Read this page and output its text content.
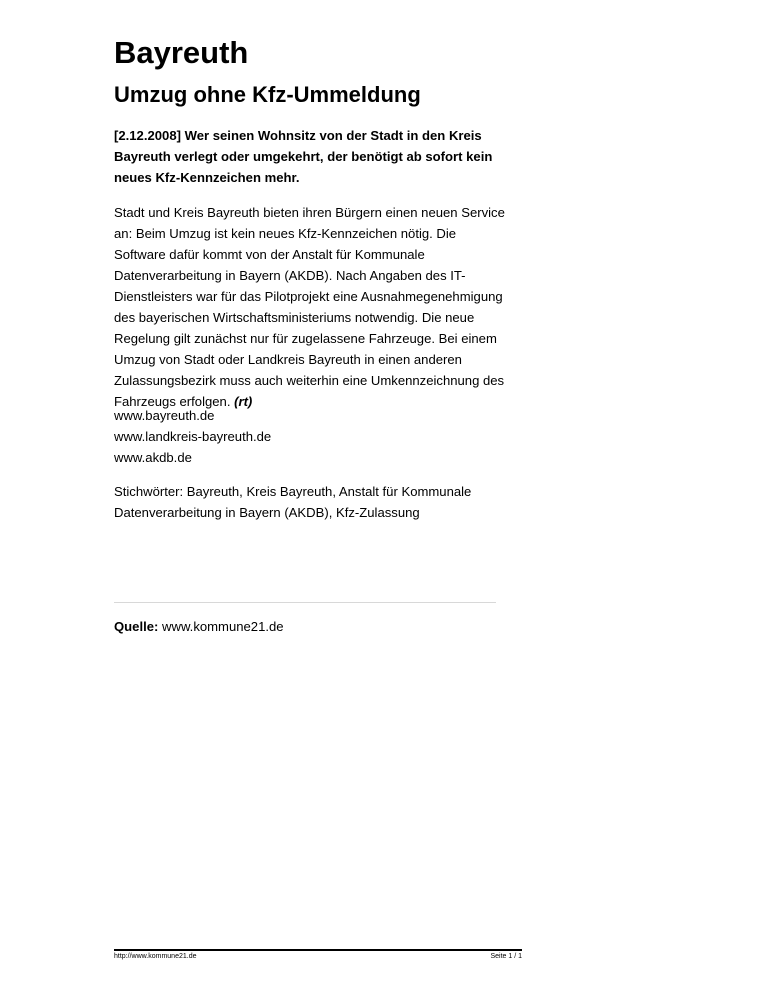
Bayreuth
Umzug ohne Kfz-Ummeldung

[2.12.2008] Wer seinen Wohnsitz von der Stadt in den Kreis Bayreuth verlegt oder umgekehrt, der benötigt ab sofort kein neues Kfz-Kennzeichen mehr.

Stadt und Kreis Bayreuth bieten ihren Bürgern einen neuen Service an: Beim Umzug ist kein neues Kfz-Kennzeichen nötig. Die Software dafür kommt von der Anstalt für Kommunale Datenverarbeitung in Bayern (AKDB). Nach Angaben des IT-Dienstleisters war für das Pilotprojekt eine Ausnahmegenehmigung des bayerischen Wirtschaftsministeriums notwendig. Die neue Regelung gilt zunächst nur für zugelassene Fahrzeuge. Bei einem Umzug von Stadt oder Landkreis Bayreuth in einen anderen Zulassungsbezirk muss auch weiterhin eine Umkennzeichnung des Fahrzeugs erfolgen. (rt)

www.bayreuth.de
www.landkreis-bayreuth.de
www.akdb.de

Stichwörter: Bayreuth, Kreis Bayreuth, Anstalt für Kommunale Datenverarbeitung in Bayern (AKDB), Kfz-Zulassung

Quelle: www.kommune21.de

http://www.kommune21.de	Seite 1 / 1
